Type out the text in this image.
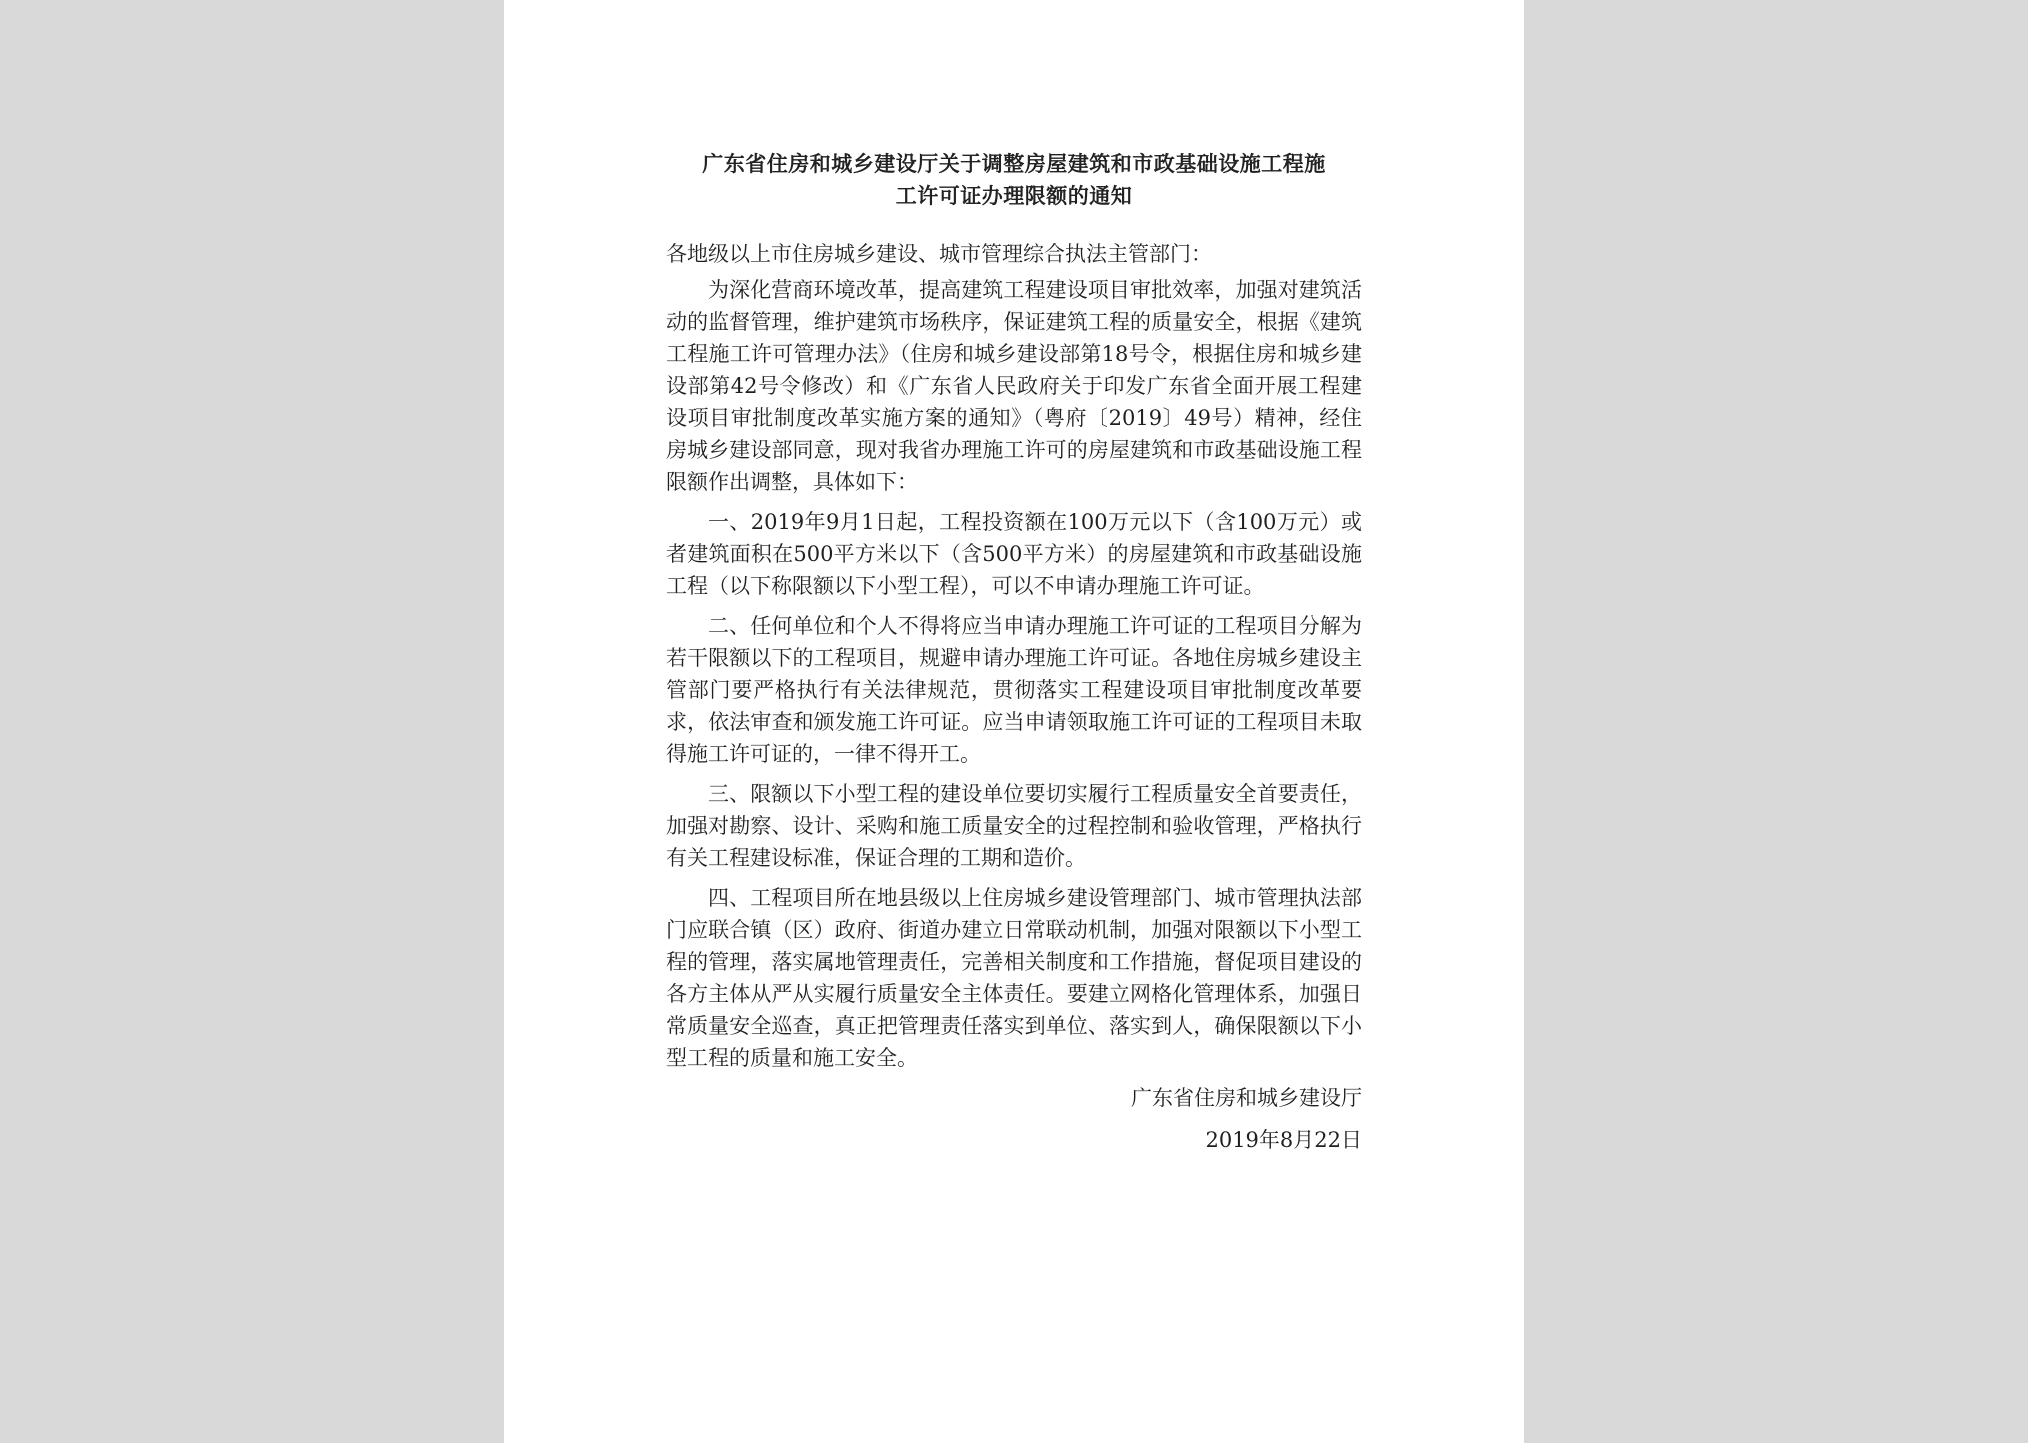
广东省住房和城乡建设厅关于调整房屋建筑和市政基础设施工程施
工许可证办理限额的通知
各地级以上市住房城乡建设、城市管理综合执法主管部门：

为深化营商环境改革，提高建筑工程建设项目审批效率，加强对建筑活动的监督管理，维护建筑市场秩序，保证建筑工程的质量安全，根据《建筑工程施工许可管理办法》（住房和城乡建设部第18号令，根据住房和城乡建设部第42号令修改）和《广东省人民政府关于印发广东省全面开展工程建设项目审批制度改革实施方案的通知》（粤府〔2019〕49号）精神，经住房城乡建设部同意，现对我省办理施工许可的房屋建筑和市政基础设施工程限额作出调整，具体如下：

一、2019年9月1日起，工程投资额在100万元以下（含100万元）或者建筑面积在500平方米以下（含500平方米）的房屋建筑和市政基础设施工程（以下称限额以下小型工程），可以不申请办理施工许可证。

二、任何单位和个人不得将应当申请办理施工许可证的工程项目分解为若干限额以下的工程项目，规避申请办理施工许可证。各地住房城乡建设主管部门要严格执行有关法律规范，贯彻落实工程建设项目审批制度改革要求，依法审查和颁发施工许可证。应当申请领取施工许可证的工程项目未取得施工许可证的，一律不得开工。

三、限额以下小型工程的建设单位要切实履行工程质量安全首要责任，加强对勘察、设计、采购和施工质量安全的过程控制和验收管理，严格执行有关工程建设标准，保证合理的工期和造价。

四、工程项目所在地县级以上住房城乡建设管理部门、城市管理执法部门应联合镇（区）政府、街道办建立日常联动机制，加强对限额以下小型工程的管理，落实属地管理责任，完善相关制度和工作措施，督促项目建设的各方主体从严从实履行质量安全主体责任。要建立网格化管理体系，加强日常质量安全巡查，真正把管理责任落实到单位、落实到人，确保限额以下小型工程的质量和施工安全。

广东省住房和城乡建设厅
2019年8月22日
